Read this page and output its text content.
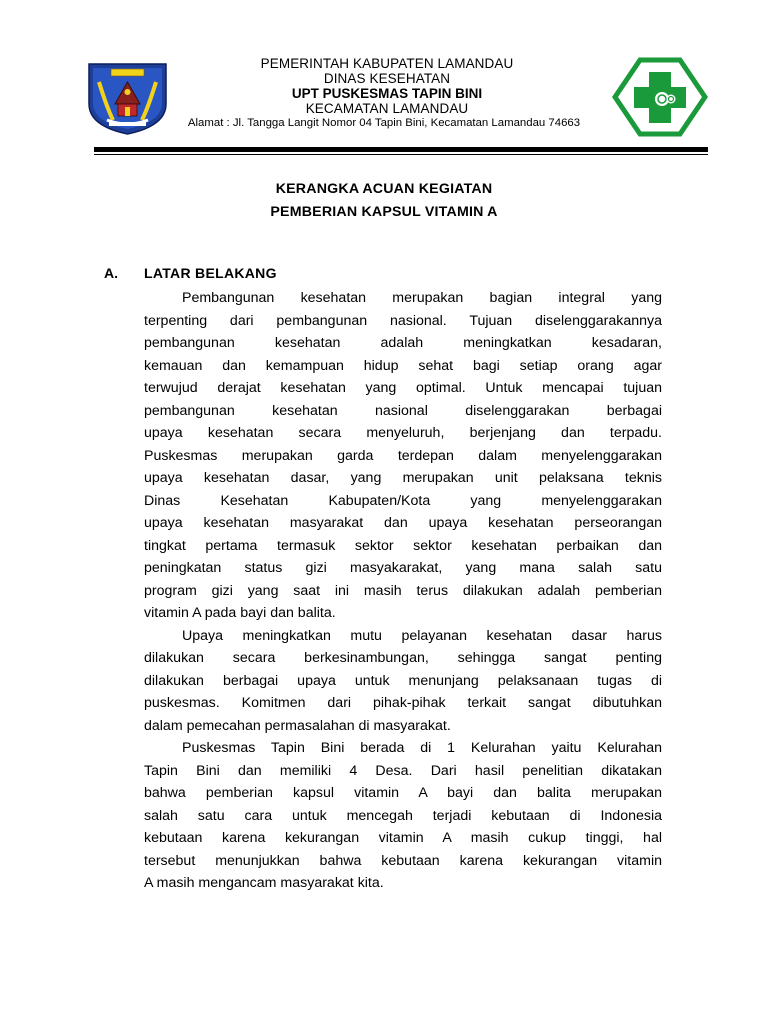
PEMERINTAH KABUPATEN LAMANDAU
DINAS KESEHATAN
UPT PUSKESMAS TAPIN BINI
KECAMATAN LAMANDAU
Alamat : Jl. Tangga Langit Nomor 04 Tapin Bini, Kecamatan Lamandau 74663
KERANGKA ACUAN KEGIATAN
PEMBERIAN KAPSUL VITAMIN A
A. LATAR BELAKANG
Pembangunan kesehatan merupakan bagian integral yang
terpenting dari pembangunan nasional. Tujuan diselenggarakannya
pembangunan kesehatan adalah meningkatkan kesadaran,
kemauan dan kemampuan hidup sehat bagi setiap orang agar
terwujud derajat kesehatan yang optimal. Untuk mencapai tujuan
pembangunan kesehatan nasional diselenggarakan berbagai
upaya kesehatan secara menyeluruh, berjenjang dan terpadu.
Puskesmas merupakan garda terdepan dalam menyelenggarakan
upaya kesehatan dasar, yang merupakan unit pelaksana teknis
Dinas Kesehatan Kabupaten/Kota yang menyelenggarakan
upaya kesehatan masyarakat dan upaya kesehatan perseorangan
tingkat pertama termasuk sektor sektor kesehatan perbaikan dan
peningkatan status gizi masyakarakat, yang mana salah satu
program gizi yang saat ini masih terus dilakukan adalah pemberian
vitamin A pada bayi dan balita.
Upaya meningkatkan mutu pelayanan kesehatan dasar harus
dilakukan secara berkesinambungan, sehingga sangat penting
dilakukan berbagai upaya untuk menunjang pelaksanaan tugas di
puskesmas. Komitmen dari pihak-pihak terkait sangat dibutuhkan
dalam pemecahan permasalahan di masyarakat.
Puskesmas Tapin Bini berada di 1 Kelurahan yaitu Kelurahan
Tapin Bini dan memiliki 4 Desa. Dari hasil penelitian dikatakan
bahwa pemberian kapsul vitamin A bayi dan balita merupakan
salah satu cara untuk mencegah terjadi kebutaan di Indonesia
kebutaan karena kekurangan vitamin A masih cukup tinggi, hal
tersebut menunjukkan bahwa kebutaan karena kekurangan vitamin
A masih mengancam masyarakat kita.
